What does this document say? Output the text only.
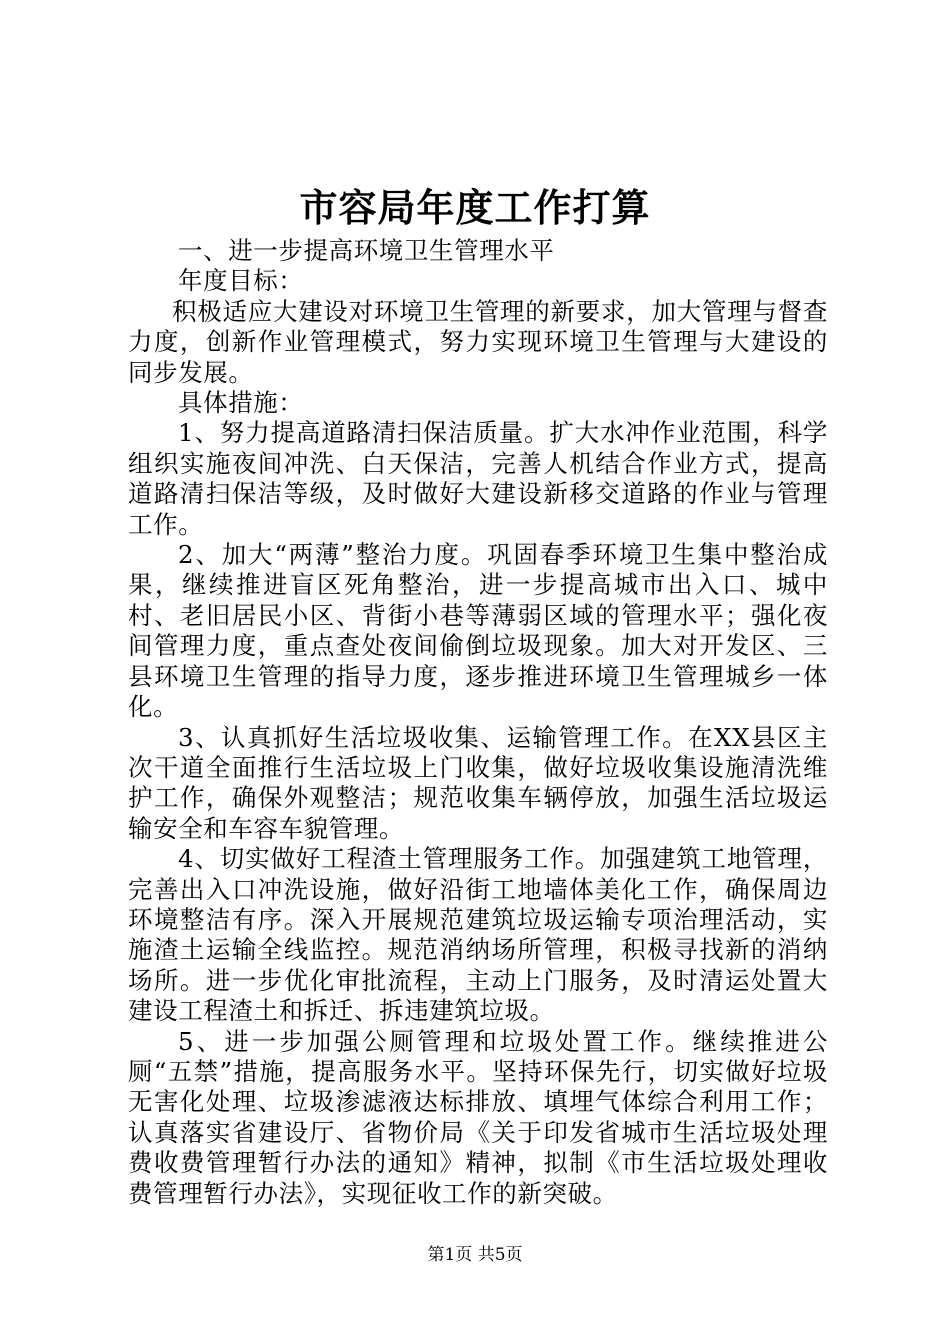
市容局年度工作打算

一、进一步提高环境卫生管理水平

年度目标：

积极适应大建设对环境卫生管理的新要求，加大管理与督查力度，创新作业管理模式，努力实现环境卫生管理与大建设的同步发展。

具体措施：

1、努力提高道路清扫保洁质量。扩大水冲作业范围，科学组织实施夜间冲洗、白天保洁，完善人机结合作业方式，提高道路清扫保洁等级，及时做好大建设新移交道路的作业与管理工作。

2、加大“两薄”整治力度。巩固春季环境卫生集中整治成果，继续推进盲区死角整治，进一步提高城市出入口、城中村、老旧居民小区、背街小巷等薄弱区域的管理水平；强化夜间管理力度，重点查处夜间偷倒垃圾现象。加大对开发区、三县环境卫生管理的指导力度，逐步推进环境卫生管理城乡一体化。

3、认真抓好生活垃圾收集、运输管理工作。在XX县区主次干道全面推行生活垃圾上门收集，做好垃圾收集设施清洗维护工作，确保外观整洁；规范收集车辆停放，加强生活垃圾运输安全和车容车貌管理。

4、切实做好工程渣土管理服务工作。加强建筑工地管理，完善出入口冲洗设施，做好沿街工地墙体美化工作，确保周边环境整洁有序。深入开展规范建筑垃圾运输专项治理活动，实施渣土运输全线监控。规范消纳场所管理，积极寻找新的消纳场所。进一步优化审批流程，主动上门服务，及时清运处置大建设工程渣土和拆迁、拆违建筑垃圾。

5、进一步加强公厕管理和垃圾处置工作。继续推进公厕“五禁”措施，提高服务水平。坚持环保先行，切实做好垃圾无害化处理、垃圾渗滤液达标排放、填埋气体综合利用工作；认真落实省建设厅、省物价局《关于印发省城市生活垃圾处理费收费管理暂行办法的通知》精神，拟制《市生活垃圾处理收费管理暂行办法》，实现征收工作的新突破。

第1页 共5页
